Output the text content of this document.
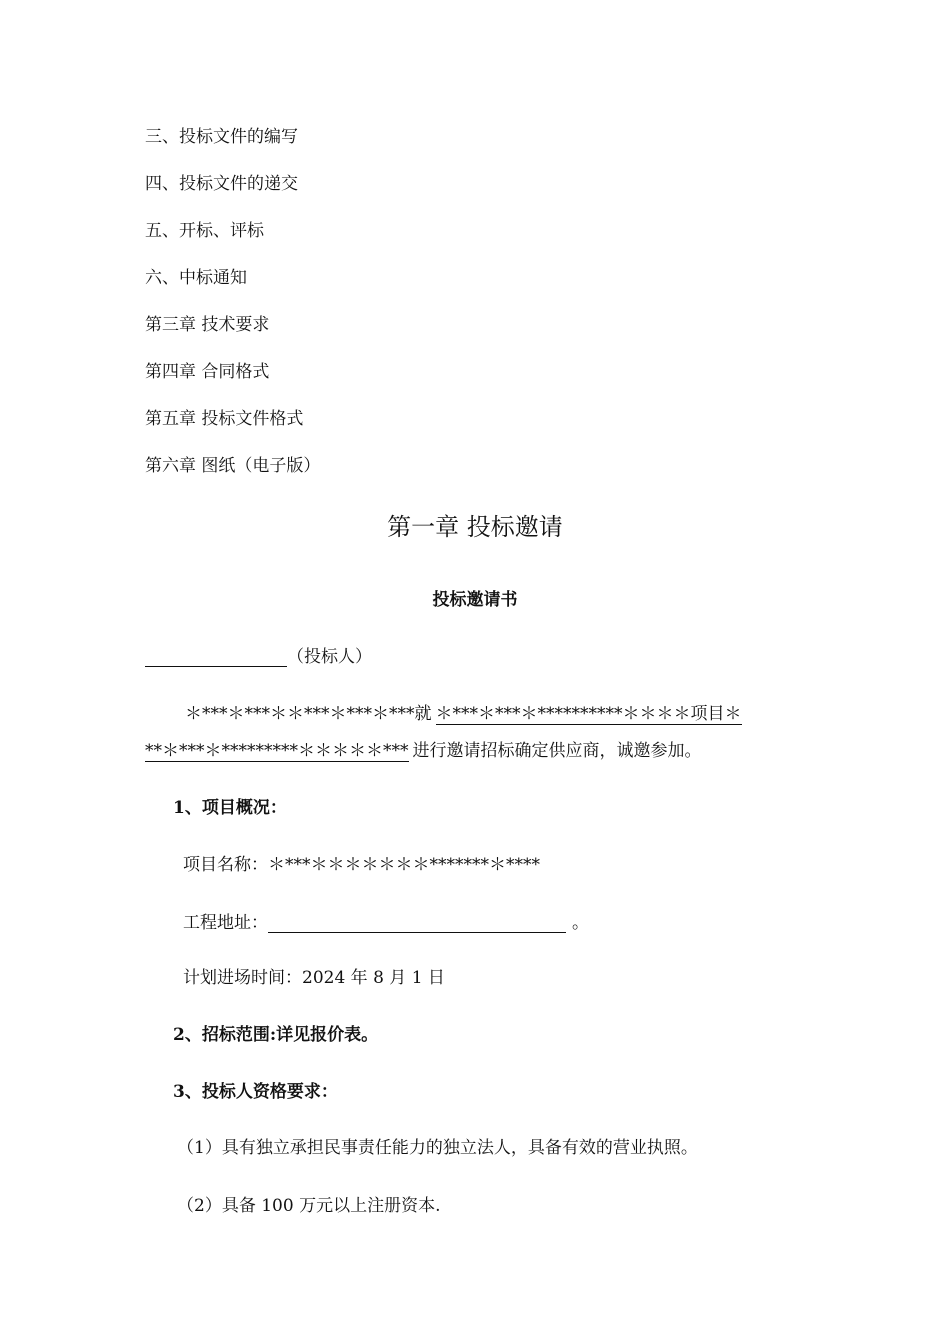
三、投标文件的编写
四、投标文件的递交
五、开标、评标
六、中标通知
第三章 技术要求
第四章 合同格式
第五章 投标文件格式
第六章 图纸（电子版）
第一章 投标邀请
投标邀请书
（投标人）
＊***＊***＊＊***＊***＊***就 ＊***＊***＊**********＊＊＊＊项目＊
**＊***＊*********＊＊＊＊＊*** 进行邀请招标确定供应商，诚邀参加。
1、项目概况：
项目名称：＊***＊＊＊＊＊＊＊*******＊****
工程地址：	。
计划进场时间：2024 年 8 月 1 日
2、招标范围:详见报价表。
3、投标人资格要求：
（1）具有独立承担民事责任能力的独立法人，具备有效的营业执照。
（2）具备 100 万元以上注册资本.
